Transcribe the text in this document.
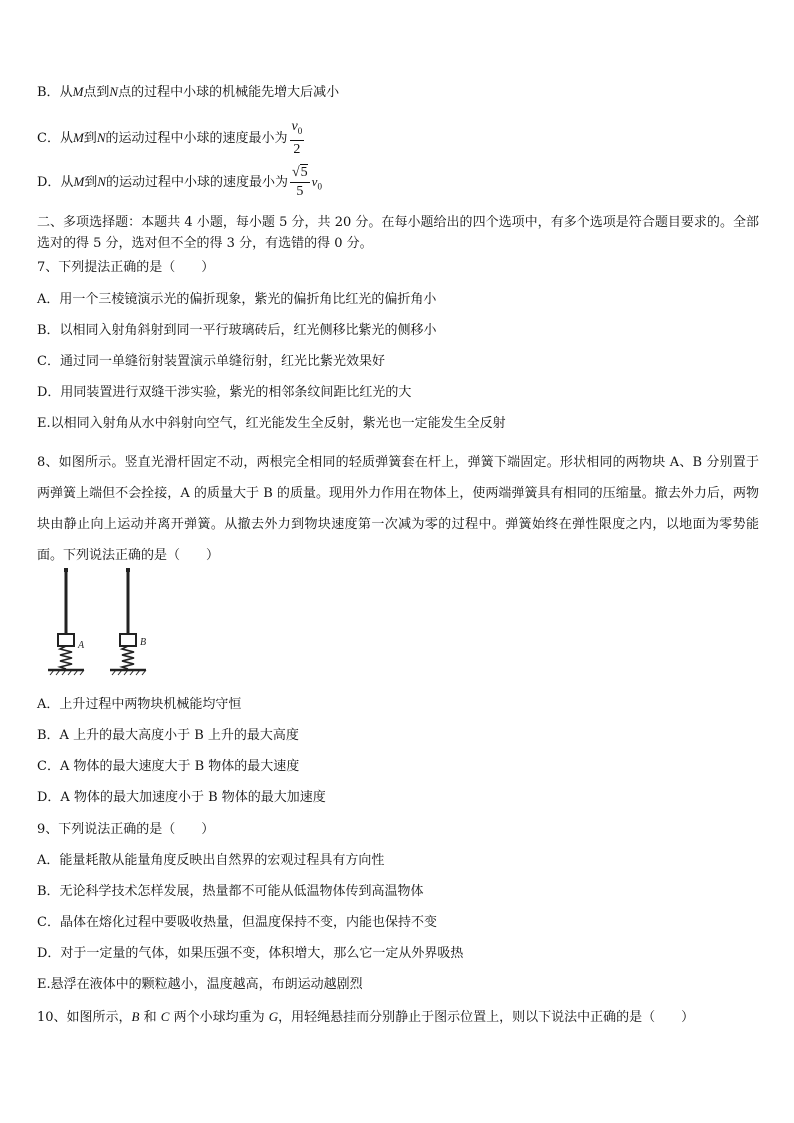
B．从M点到N点的过程中小球的机械能先增大后减小
C．从M到N的运动过程中小球的速度最小为 $\frac{v_0}{2}$
D．从M到N的运动过程中小球的速度最小为 $\frac{√5}{5} v_0$
二、多项选择题：本题共 4 小题，每小题 5 分，共 20 分。在每小题给出的四个选项中，有多个选项是符合题目要求的。全部选对的得 5 分，选对但不全的得 3 分，有选错的得 0 分。
7、下列提法正确的是（　　）
A．用一个三棱镜演示光的偏折现象，紫光的偏折角比红光的偏折角小
B．以相同入射角斜射到同一平行玻璃砖后，红光侧移比紫光的侧移小
C．通过同一单缝衍射装置演示单缝衍射，红光比紫光效果好
D．用同装置进行双缝干涉实验，紫光的相邻条纹间距比红光的大
E.以相同入射角从水中斜射向空气，红光能发生全反射，紫光也一定能发生全反射
8、如图所示。竖直光滑杆固定不动，两根完全相同的轻质弹簧套在杆上，弹簧下端固定。形状相同的两物块 A、B 分别置于两弹簧上端但不会拴接，A 的质量大于 B 的质量。现用外力作用在物体上，使两端弹簧具有相同的压缩量。撤去外力后，两物块由静止向上运动并离开弹簧。从撤去外力到物块速度第一次减为零的过程中。弹簧始终在弹性限度之内，以地面为零势能面。下列说法正确的是（　　）
A	B
A．上升过程中两物块机械能均守恒
B．A 上升的最大高度小于 B 上升的最大高度
C．A 物体的最大速度大于 B 物体的最大速度
D．A 物体的最大加速度小于 B 物体的最大加速度
9、下列说法正确的是（　　）
A．能量耗散从能量角度反映出自然界的宏观过程具有方向性
B．无论科学技术怎样发展，热量都不可能从低温物体传到高温物体
C．晶体在熔化过程中要吸收热量，但温度保持不变，内能也保持不变
D．对于一定量的气体，如果压强不变，体积增大，那么它一定从外界吸热
E.悬浮在液体中的颗粒越小，温度越高，布朗运动越剧烈
10、如图所示，B 和 C 两个小球均重为 G，用轻绳悬挂而分别静止于图示位置上，则以下说法中正确的是（　　）
